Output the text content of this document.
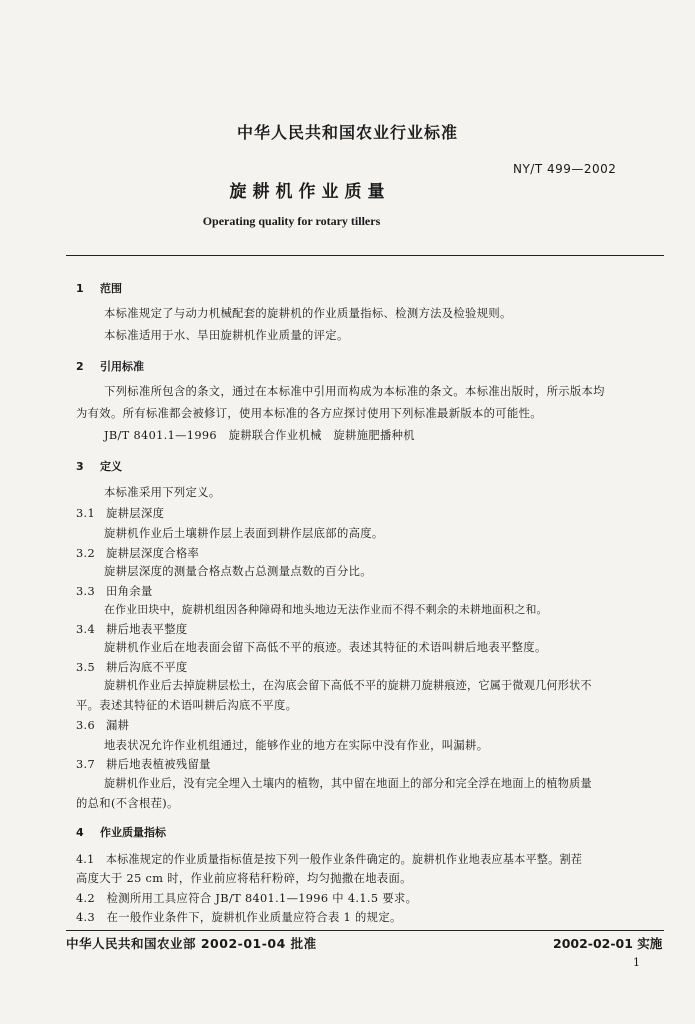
中华人民共和国农业行业标准
NY/T 499—2002
旋耕机作业质量
Operating quality for rotary tillers
1 范围
本标准规定了与动力机械配套的旋耕机的作业质量指标、检测方法及检验规则。
本标准适用于水、旱田旋耕机作业质量的评定。
2 引用标准
下列标准所包含的条文，通过在本标准中引用而构成为本标准的条文。本标准出版时，所示版本均
为有效。所有标准都会被修订，使用本标准的各方应探讨使用下列标准最新版本的可能性。
JB/T 8401.1—1996　旋耕联合作业机械　旋耕施肥播种机
3 定义
本标准采用下列定义。
3.1 旋耕层深度
旋耕机作业后土壤耕作层上表面到耕作层底部的高度。
3.2 旋耕层深度合格率
旋耕层深度的测量合格点数占总测量点数的百分比。
3.3 田角余量
在作业田块中，旋耕机组因各种障碍和地头地边无法作业而不得不剩余的未耕地面积之和。
3.4 耕后地表平整度
旋耕机作业后在地表面会留下高低不平的痕迹。表述其特征的术语叫耕后地表平整度。
3.5 耕后沟底不平度
旋耕机作业后去掉旋耕层松土，在沟底会留下高低不平的旋耕刀旋耕痕迹，它属于微观几何形状不
平。表述其特征的术语叫耕后沟底不平度。
3.6 漏耕
地表状况允许作业机组通过，能够作业的地方在实际中没有作业，叫漏耕。
3.7 耕后地表植被残留量
旋耕机作业后，没有完全埋入土壤内的植物，其中留在地面上的部分和完全浮在地面上的植物质量
的总和(不含根茬)。
4 作业质量指标
4.1　本标准规定的作业质量指标值是按下列一般作业条件确定的。旋耕机作业地表应基本平整。割茬
高度大于 25 cm 时，作业前应将秸秆粉碎，均匀抛撒在地表面。
4.2　检测所用工具应符合 JB/T 8401.1—1996 中 4.1.5 要求。
4.3　在一般作业条件下，旋耕机作业质量应符合表 1 的规定。
中华人民共和国农业部 2002-01-04 批准	2002-02-01 实施
1
